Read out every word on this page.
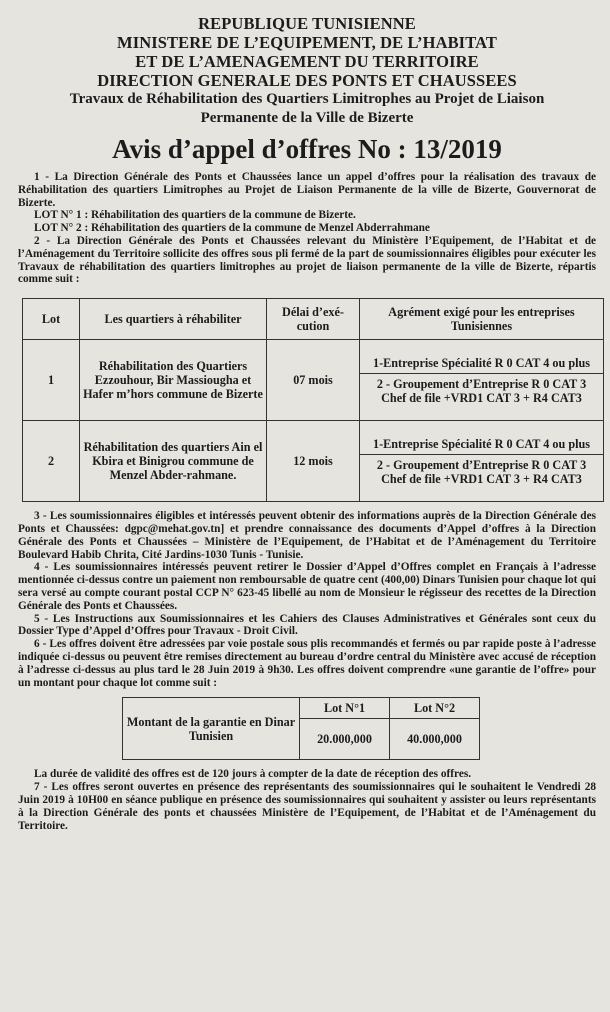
REPUBLIQUE TUNISIENNE
MINISTERE DE L’EQUIPEMENT, DE L’HABITAT
ET DE L’AMENAGEMENT DU TERRITOIRE
DIRECTION GENERALE DES PONTS ET CHAUSSEES
Travaux de Réhabilitation des Quartiers Limitrophes au Projet de Liaison
Permanente de la Ville de Bizerte
Avis d’appel d’offres No : 13/2019

1 - La Direction Générale des Ponts et Chaussées lance un appel d’offres pour la réalisation des travaux de Réhabilitation des quartiers Limitrophes au Projet de Liaison Permanente de la ville de Bizerte, Gouvernorat de Bizerte.

LOT N° 1 : Réhabilitation des quartiers de la commune de Bizerte.

LOT N° 2 : Réhabilitation des quartiers de la commune de Menzel Abderrahmane

2 - La Direction Générale des Ponts et Chaussées relevant du Ministère l’Equipement, de l’Habitat et de l’Aménagement du Territoire sollicite des offres sous pli fermé de la part de soumissionnaires éligibles pour exécuter les Travaux de réhabilitation des quartiers limitrophes au projet de liaison permanente de la ville de Bizerte, répartis comme suit :

Lot	Les quartiers à réhabiliter	Délai d’exé-cution	Agrément exigé pour les entreprises Tunisiennes
1	Réhabilitation des Quartiers Ezzouhour, Bir Massiougha et Hafer m’hors commune de Bizerte	07 mois	1-Entreprise Spécialité R 0 CAT 4 ou plus
2 - Groupement d’Entreprise R 0 CAT 3 Chef de file +VRD1 CAT 3 + R4 CAT3

2	Réhabilitation des quartiers Ain el Kbira et Binigrou commune de Menzel Abder-rahmane.	12 mois	1-Entreprise Spécialité R 0 CAT 4 ou plus
2 - Groupement d’Entreprise R 0 CAT 3 Chef de file +VRD1 CAT 3 + R4 CAT3

3 - Les soumissionnaires éligibles et intéressés peuvent obtenir des informations auprès de la Direction Générale des Ponts et Chaussées: dgpc@mehat.gov.tn] et prendre connaissance des documents d’Appel d’offres à la Direction Générale des Ponts et Chaussées – Ministère de l’Equipement, de l’Habitat et de l’Aménagement du Territoire Boulevard Habib Chrita, Cité Jardins-1030 Tunis - Tunisie.

4 - Les soumissionnaires intéressés peuvent retirer le Dossier d’Appel d’Offres complet en Français à l’adresse mentionnée ci-dessus contre un paiement non remboursable de quatre cent (400,00) Dinars Tunisien pour chaque lot qui sera versé au compte courant postal CCP N° 623-45 libellé au nom de Monsieur le régisseur des recettes de la Direction Générale des Ponts et Chaussées.

5 - Les Instructions aux Soumissionnaires et les Cahiers des Clauses Administratives et Générales sont ceux du Dossier Type d’Appel d’Offres pour Travaux - Droit Civil.

6 - Les offres doivent être adressées par voie postale sous plis recommandés et fermés ou par rapide poste à l’adresse indiquée ci-dessus ou peuvent être remises directement au bureau d’ordre central du Ministère avec accusé de réception à l’adresse ci-dessus au plus tard le 28 Juin 2019 à 9h30. Les offres doivent comprendre «une garantie de l’offre» pour un montant pour chaque lot comme suit :

Montant de la garantie en Dinar Tunisien	Lot N°1	Lot N°2
	20.000,000	40.000,000

La durée de validité des offres est de 120 jours à compter de la date de réception des offres.

7 - Les offres seront ouvertes en présence des représentants des soumissionnaires qui le souhaitent le Vendredi 28 Juin 2019 à 10H00 en séance publique en présence des soumissionnaires qui souhaitent y assister ou leurs représentants à la Direction Générale des ponts et chaussées Ministère de l’Equipement, de l’Habitat et de l’Aménagement du Territoire.
